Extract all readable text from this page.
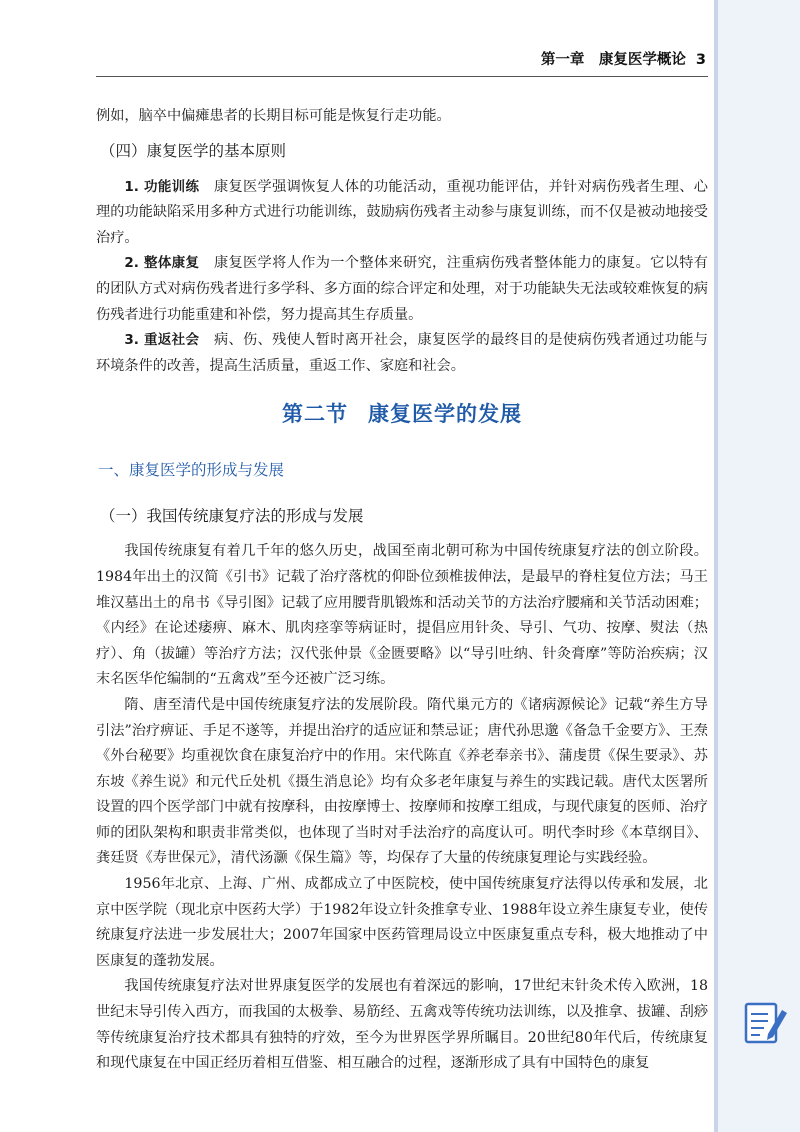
第一章　康复医学概论 3

例如，脑卒中偏瘫患者的长期目标可能是恢复行走功能。

（四）康复医学的基本原则

1. 功能训练　 康复医学强调恢复人体的功能活动，重视功能评估，并针对病伤残者生理、心理的功能缺陷采用多种方式进行功能训练，鼓励病伤残者主动参与康复训练，而不仅是被动地接受治疗。

2. 整体康复　 康复医学将人作为一个整体来研究，注重病伤残者整体能力的康复。它以特有的团队方式对病伤残者进行多学科、多方面的综合评定和处理，对于功能缺失无法或较难恢复的病伤残者进行功能重建和补偿，努力提高其生存质量。

3. 重返社会　 病、伤、残使人暂时离开社会，康复医学的最终目的是使病伤残者通过功能与环境条件的改善，提高生活质量，重返工作、家庭和社会。

第二节 康复医学的发展

一、康复医学的形成与发展

（一）我国传统康复疗法的形成与发展

我国传统康复有着几千年的悠久历史，战国至南北朝可称为中国传统康复疗法的创立阶段。1984年出土的汉简《引书》记载了治疗落枕的仰卧位颈椎拔伸法，是最早的脊柱复位方法；马王堆汉墓出土的帛书《导引图》记载了应用腰背肌锻炼和活动关节的方法治疗腰痛和关节活动困难；《内经》在论述痿痹、麻木、肌肉痉挛等病证时，提倡应用针灸、导引、气功、按摩、熨法（热疗）、角（拔罐）等治疗方法；汉代张仲景《金匮要略》以“导引吐纳、针灸膏摩”等防治疾病；汉末名医华佗编制的“五禽戏”至今还被广泛习练。

隋、唐至清代是中国传统康复疗法的发展阶段。隋代巢元方的《诸病源候论》记载“养生方导引法”治疗痹证、手足不遂等，并提出治疗的适应证和禁忌证；唐代孙思邈《备急千金要方》、王焘《外台秘要》均重视饮食在康复治疗中的作用。宋代陈直《养老奉亲书》、蒲虔贯《保生要录》、苏东坡《养生说》和元代丘处机《摄生消息论》均有众多老年康复与养生的实践记载。唐代太医署所设置的四个医学部门中就有按摩科，由按摩博士、按摩师和按摩工组成，与现代康复的医师、治疗师的团队架构和职责非常类似，也体现了当时对手法治疗的高度认可。明代李时珍《本草纲目》、龚廷贤《寿世保元》，清代汤灏《保生篇》等，均保存了大量的传统康复理论与实践经验。

1956年北京、上海、广州、成都成立了中医院校，使中国传统康复疗法得以传承和发展，北京中医学院（现北京中医药大学）于1982年设立针灸推拿专业、1988年设立养生康复专业，使传统康复疗法进一步发展壮大；2007年国家中医药管理局设立中医康复重点专科，极大地推动了中医康复的蓬勃发展。

我国传统康复疗法对世界康复医学的发展也有着深远的影响，17世纪末针灸术传入欧洲，18世纪末导引传入西方，而我国的太极拳、易筋经、五禽戏等传统功法训练，以及推拿、拔罐、刮痧等传统康复治疗技术都具有独特的疗效，至今为世界医学界所瞩目。20世纪80年代后，传统康复和现代康复在中国正经历着相互借鉴、相互融合的过程，逐渐形成了具有中国特色的康复
